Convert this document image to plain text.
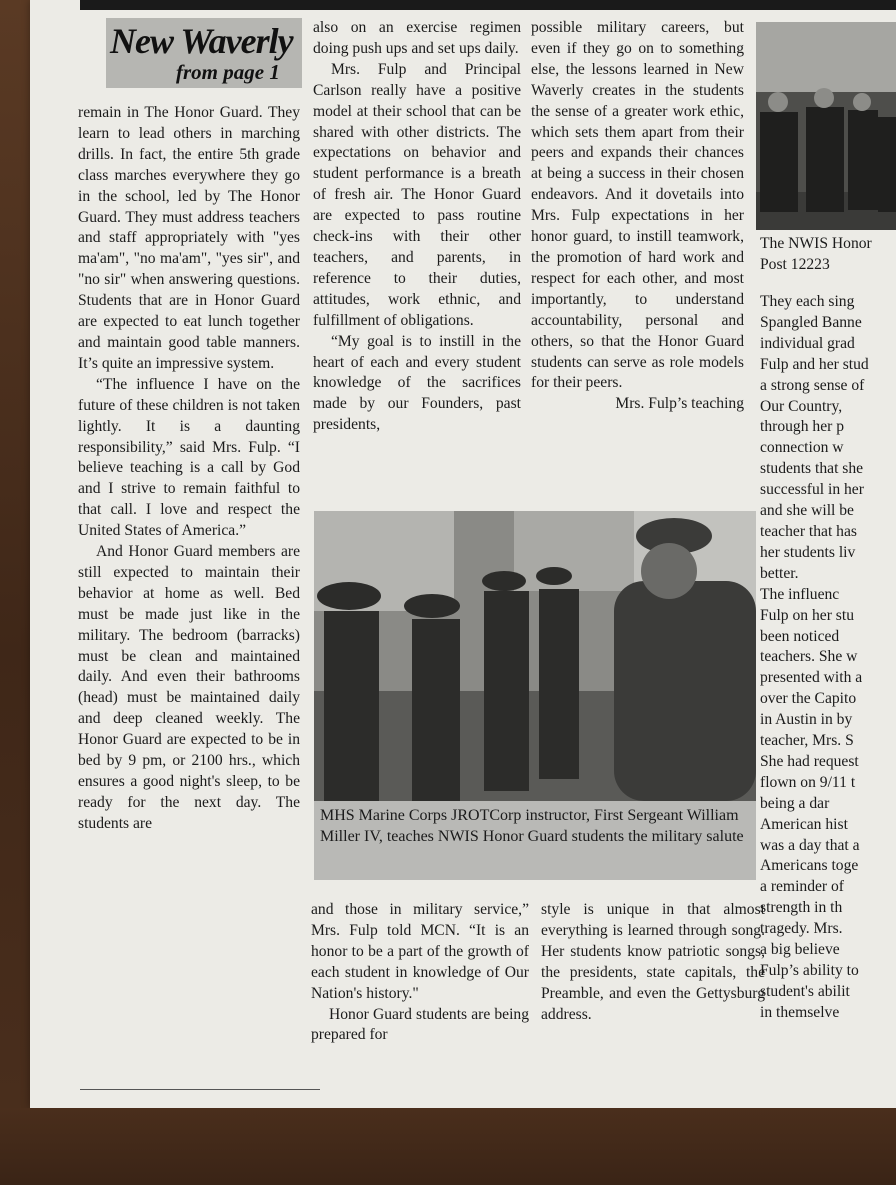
New Waverly
from page 1

remain in The Honor Guard. They learn to lead others in marching drills. In fact, the entire 5th grade class marches everywhere they go in the school, led by The Honor Guard. They must address teachers and staff appropriately with "yes ma'am", "no ma'am", "yes sir", and "no sir" when answering questions. Students that are in Honor Guard are expected to eat lunch together and maintain good table manners. It’s quite an impressive system.

“The influence I have on the future of these children is not taken lightly. It is a daunting responsibility,” said Mrs. Fulp. “I believe teaching is a call by God and I strive to remain faithful to that call. I love and respect the United States of America.”

And Honor Guard members are still expected to maintain their behavior at home as well. Bed must be made just like in the military. The bedroom (barracks) must be clean and maintained daily. And even their bathrooms (head) must be maintained daily and deep cleaned weekly. The Honor Guard are expected to be in bed by 9 pm, or 2100 hrs., which ensures a good night's sleep, to be ready for the next day. The students are

also on an exercise regimen doing push ups and set ups daily.

Mrs. Fulp and Principal Carlson really have a positive model at their school that can be shared with other districts. The expectations on behavior and student performance is a breath of fresh air. The Honor Guard are expected to pass routine check-ins with their other teachers, and parents, in reference to their duties, attitudes, work ethnic, and fulfillment of obligations.

“My goal is to instill in the heart of each and every student knowledge of the sacrifices made by our Founders, past presidents,

possible military careers, but even if they go on to something else, the lessons learned in New Waverly creates in the students the sense of a greater work ethic, which sets them apart from their peers and expands their chances at being a success in their chosen endeavors. And it dovetails into Mrs. Fulp expectations in her honor guard, to instill teamwork, the promotion of hard work and respect for each other, and most importantly, to understand accountability, personal and others, so that the Honor Guard students can serve as role models for their peers.

Mrs. Fulp’s teaching

MHS Marine Corps JROTCorp instructor, First Sergeant William Miller IV, teaches NWIS Honor Guard students the military salute

and those in military service,” Mrs. Fulp told MCN. “It is an honor to be a part of the growth of each student in knowledge of Our Nation's history."

Honor Guard students are being prepared for

style is unique in that almost everything is learned through song. Her students know patriotic songs, the presidents, state capitals, the Preamble, and even the Gettysburg address.

The NWIS Honor
Post 12223
They each sing
Spangled Banne
individual grad
Fulp and her stud
a strong sense of
Our Country,
through her p
connection w
students that she
successful in her
and she will be
teacher that has
her students liv
better.
The influenc
Fulp on her stu
been noticed
teachers. She w
presented with a
over the Capito
in Austin in by
teacher, Mrs. S
She had request
flown on 9/11 t
being a dar
American hist
was a day that a
Americans toge
a reminder of
strength in th
tragedy. Mrs.
a big believe
Fulp’s ability to
student's abilit
in themselve
